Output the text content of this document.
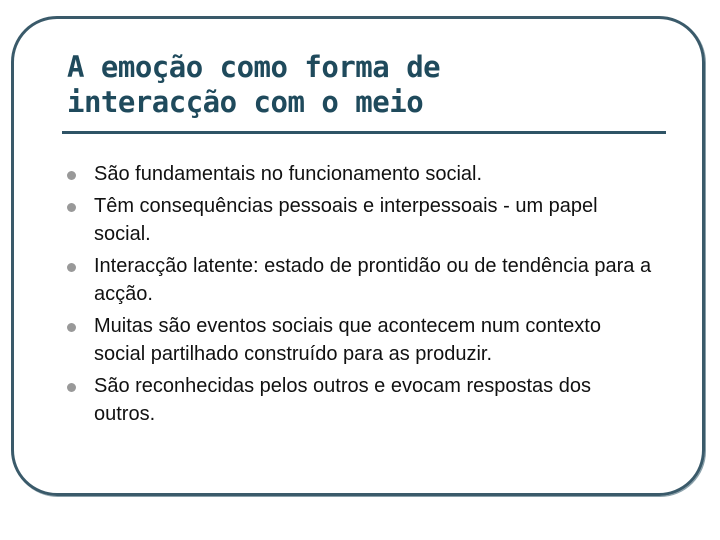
A emoção como forma de
interacção com o meio
São fundamentais no funcionamento social.
Têm consequências pessoais e interpessoais - um papel social.
Interacção latente: estado de prontidão ou de tendência para a acção.
Muitas são eventos sociais que acontecem num contexto social partilhado construído para as produzir.
São reconhecidas pelos outros e evocam respostas dos outros.
